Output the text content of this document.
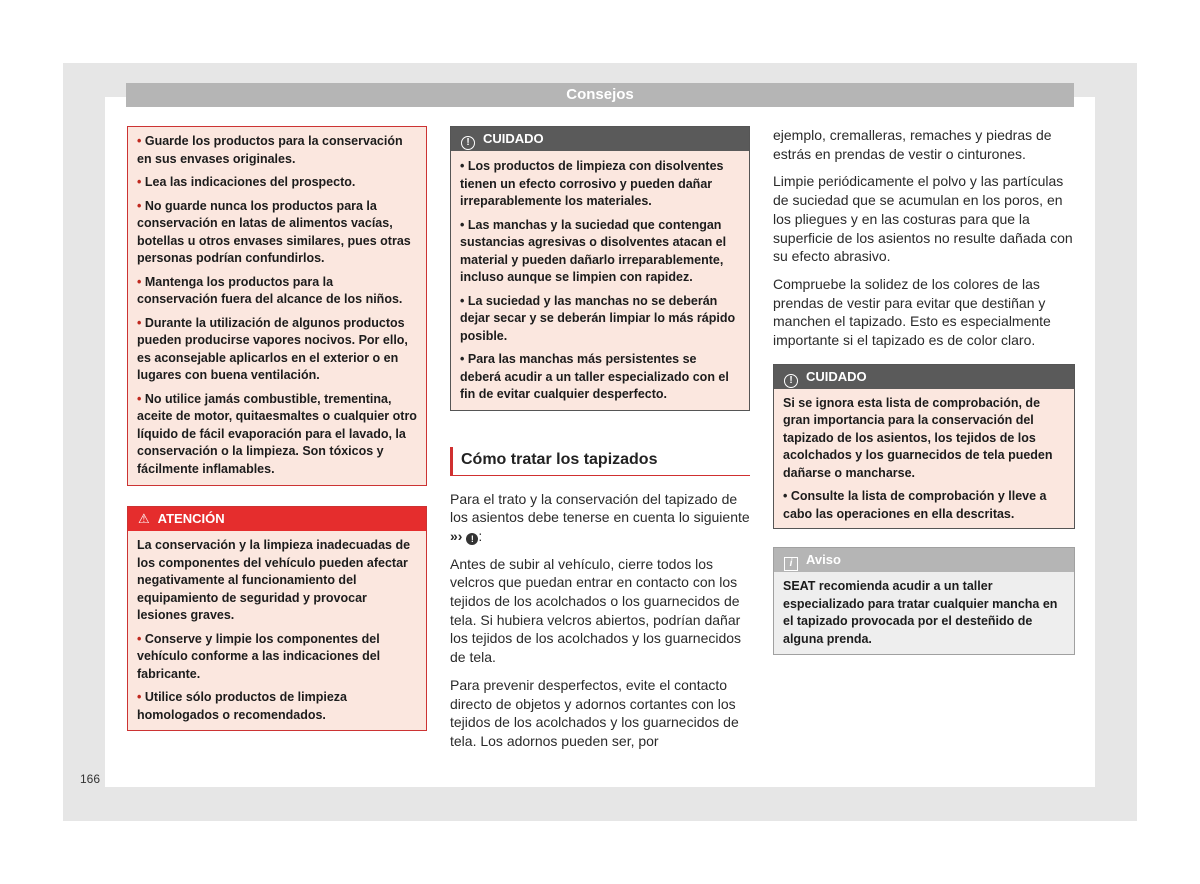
Consejos

• Guarde los productos para la conservación en sus envases originales.

• Lea las indicaciones del prospecto.

• No guarde nunca los productos para la conservación en latas de alimentos vacías, botellas u otros envases similares, pues otras personas podrían confundirlos.

• Mantenga los productos para la conservación fuera del alcance de los niños.

• Durante la utilización de algunos productos pueden producirse vapores nocivos. Por ello, es aconsejable aplicarlos en el exterior o en lugares con buena ventilación.

• No utilice jamás combustible, trementina, aceite de motor, quitaesmaltes o cualquier otro líquido de fácil evaporación para el lavado, la conservación o la limpieza. Son tóxicos y fácilmente inflamables.

⚠ ATENCIÓN

La conservación y la limpieza inadecuadas de los componentes del vehículo pueden afectar negativamente al funcionamiento del equipamiento de seguridad y provocar lesiones graves.

• Conserve y limpie los componentes del vehículo conforme a las indicaciones del fabricante.

• Utilice sólo productos de limpieza homologados o recomendados.

! CUIDADO

• Los productos de limpieza con disolventes tienen un efecto corrosivo y pueden dañar irreparablemente los materiales.

• Las manchas y la suciedad que contengan sustancias agresivas o disolventes atacan el material y pueden dañarlo irreparablemente, incluso aunque se limpien con rapidez.

• La suciedad y las manchas no se deberán dejar secar y se deberán limpiar lo más rápido posible.

• Para las manchas más persistentes se deberá acudir a un taller especializado con el fin de evitar cualquier desperfecto.

Cómo tratar los tapizados

Para el trato y la conservación del tapizado de los asientos debe tenerse en cuenta lo siguiente »› ! :

Antes de subir al vehículo, cierre todos los velcros que puedan entrar en contacto con los tejidos de los acolchados o los guarnecidos de tela. Si hubiera velcros abiertos, podrían dañar los tejidos de los acolchados y los guarnecidos de tela.

Para prevenir desperfectos, evite el contacto directo de objetos y adornos cortantes con los tejidos de los acolchados y los guarnecidos de tela. Los adornos pueden ser, por

ejemplo, cremalleras, remaches y piedras de estrás en prendas de vestir o cinturones.

Limpie periódicamente el polvo y las partículas de suciedad que se acumulan en los poros, en los pliegues y en las costuras para que la superficie de los asientos no resulte dañada con su efecto abrasivo.

Compruebe la solidez de los colores de las prendas de vestir para evitar que destiñan y manchen el tapizado. Esto es especialmente importante si el tapizado es de color claro.

! CUIDADO

Si se ignora esta lista de comprobación, de gran importancia para la conservación del tapizado de los asientos, los tejidos de los acolchados y los guarnecidos de tela pueden dañarse o mancharse.

• Consulte la lista de comprobación y lleve a cabo las operaciones en ella descritas.

i Aviso

SEAT recomienda acudir a un taller especializado para tratar cualquier mancha en el tapizado provocada por el desteñido de alguna prenda.

166
